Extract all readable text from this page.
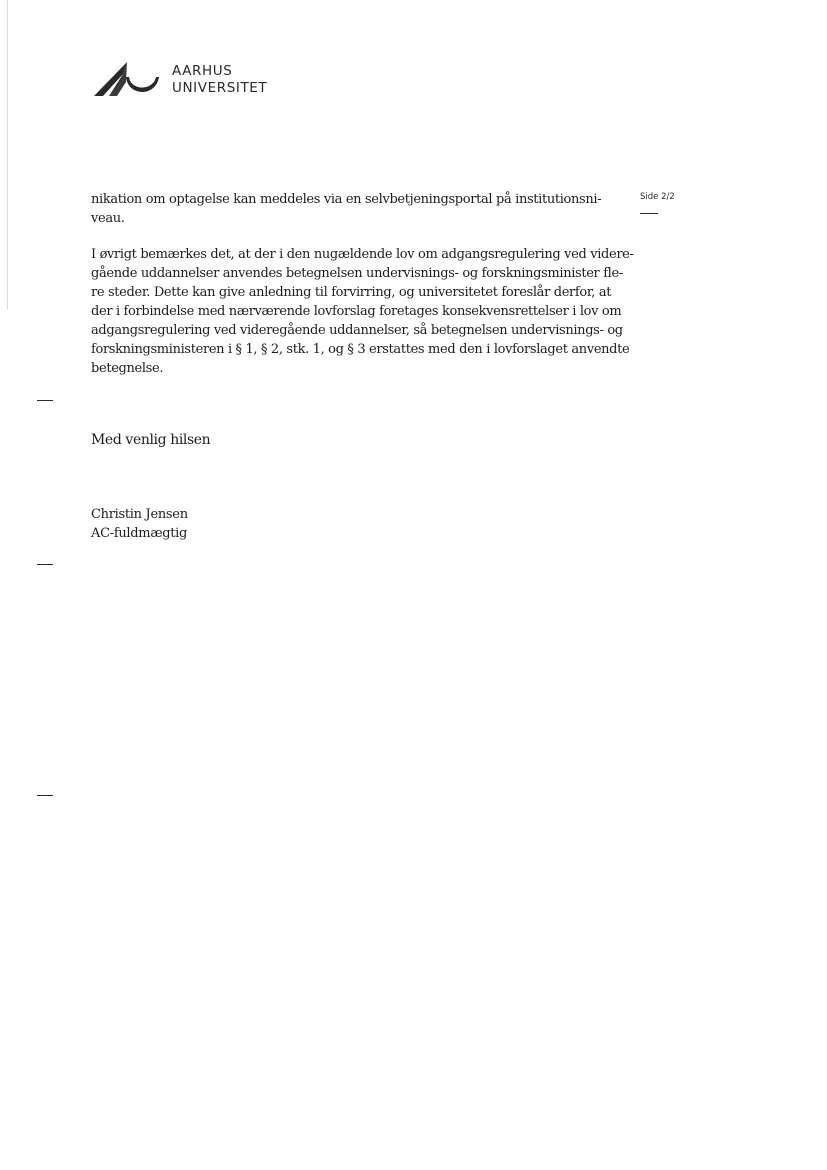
AARHUS
UNIVERSITET
Side 2/2
nikation om optagelse kan meddeles via en selvbetjeningsportal på institutionsni-
veau.
I øvrigt bemærkes det, at der i den nugældende lov om adgangsregulering ved videre-
gående uddannelser anvendes betegnelsen undervisnings- og forskningsminister fle-
re steder. Dette kan give anledning til forvirring, og universitetet foreslår derfor, at
der i forbindelse med nærværende lovforslag foretages konsekvensrettelser i lov om
adgangsregulering ved videregående uddannelser, så betegnelsen undervisnings- og
forskningsministeren i § 1, § 2, stk. 1, og § 3 erstattes med den i lovforslaget anvendte
betegnelse.
Med venlig hilsen
Christin Jensen
AC-fuldmægtig
